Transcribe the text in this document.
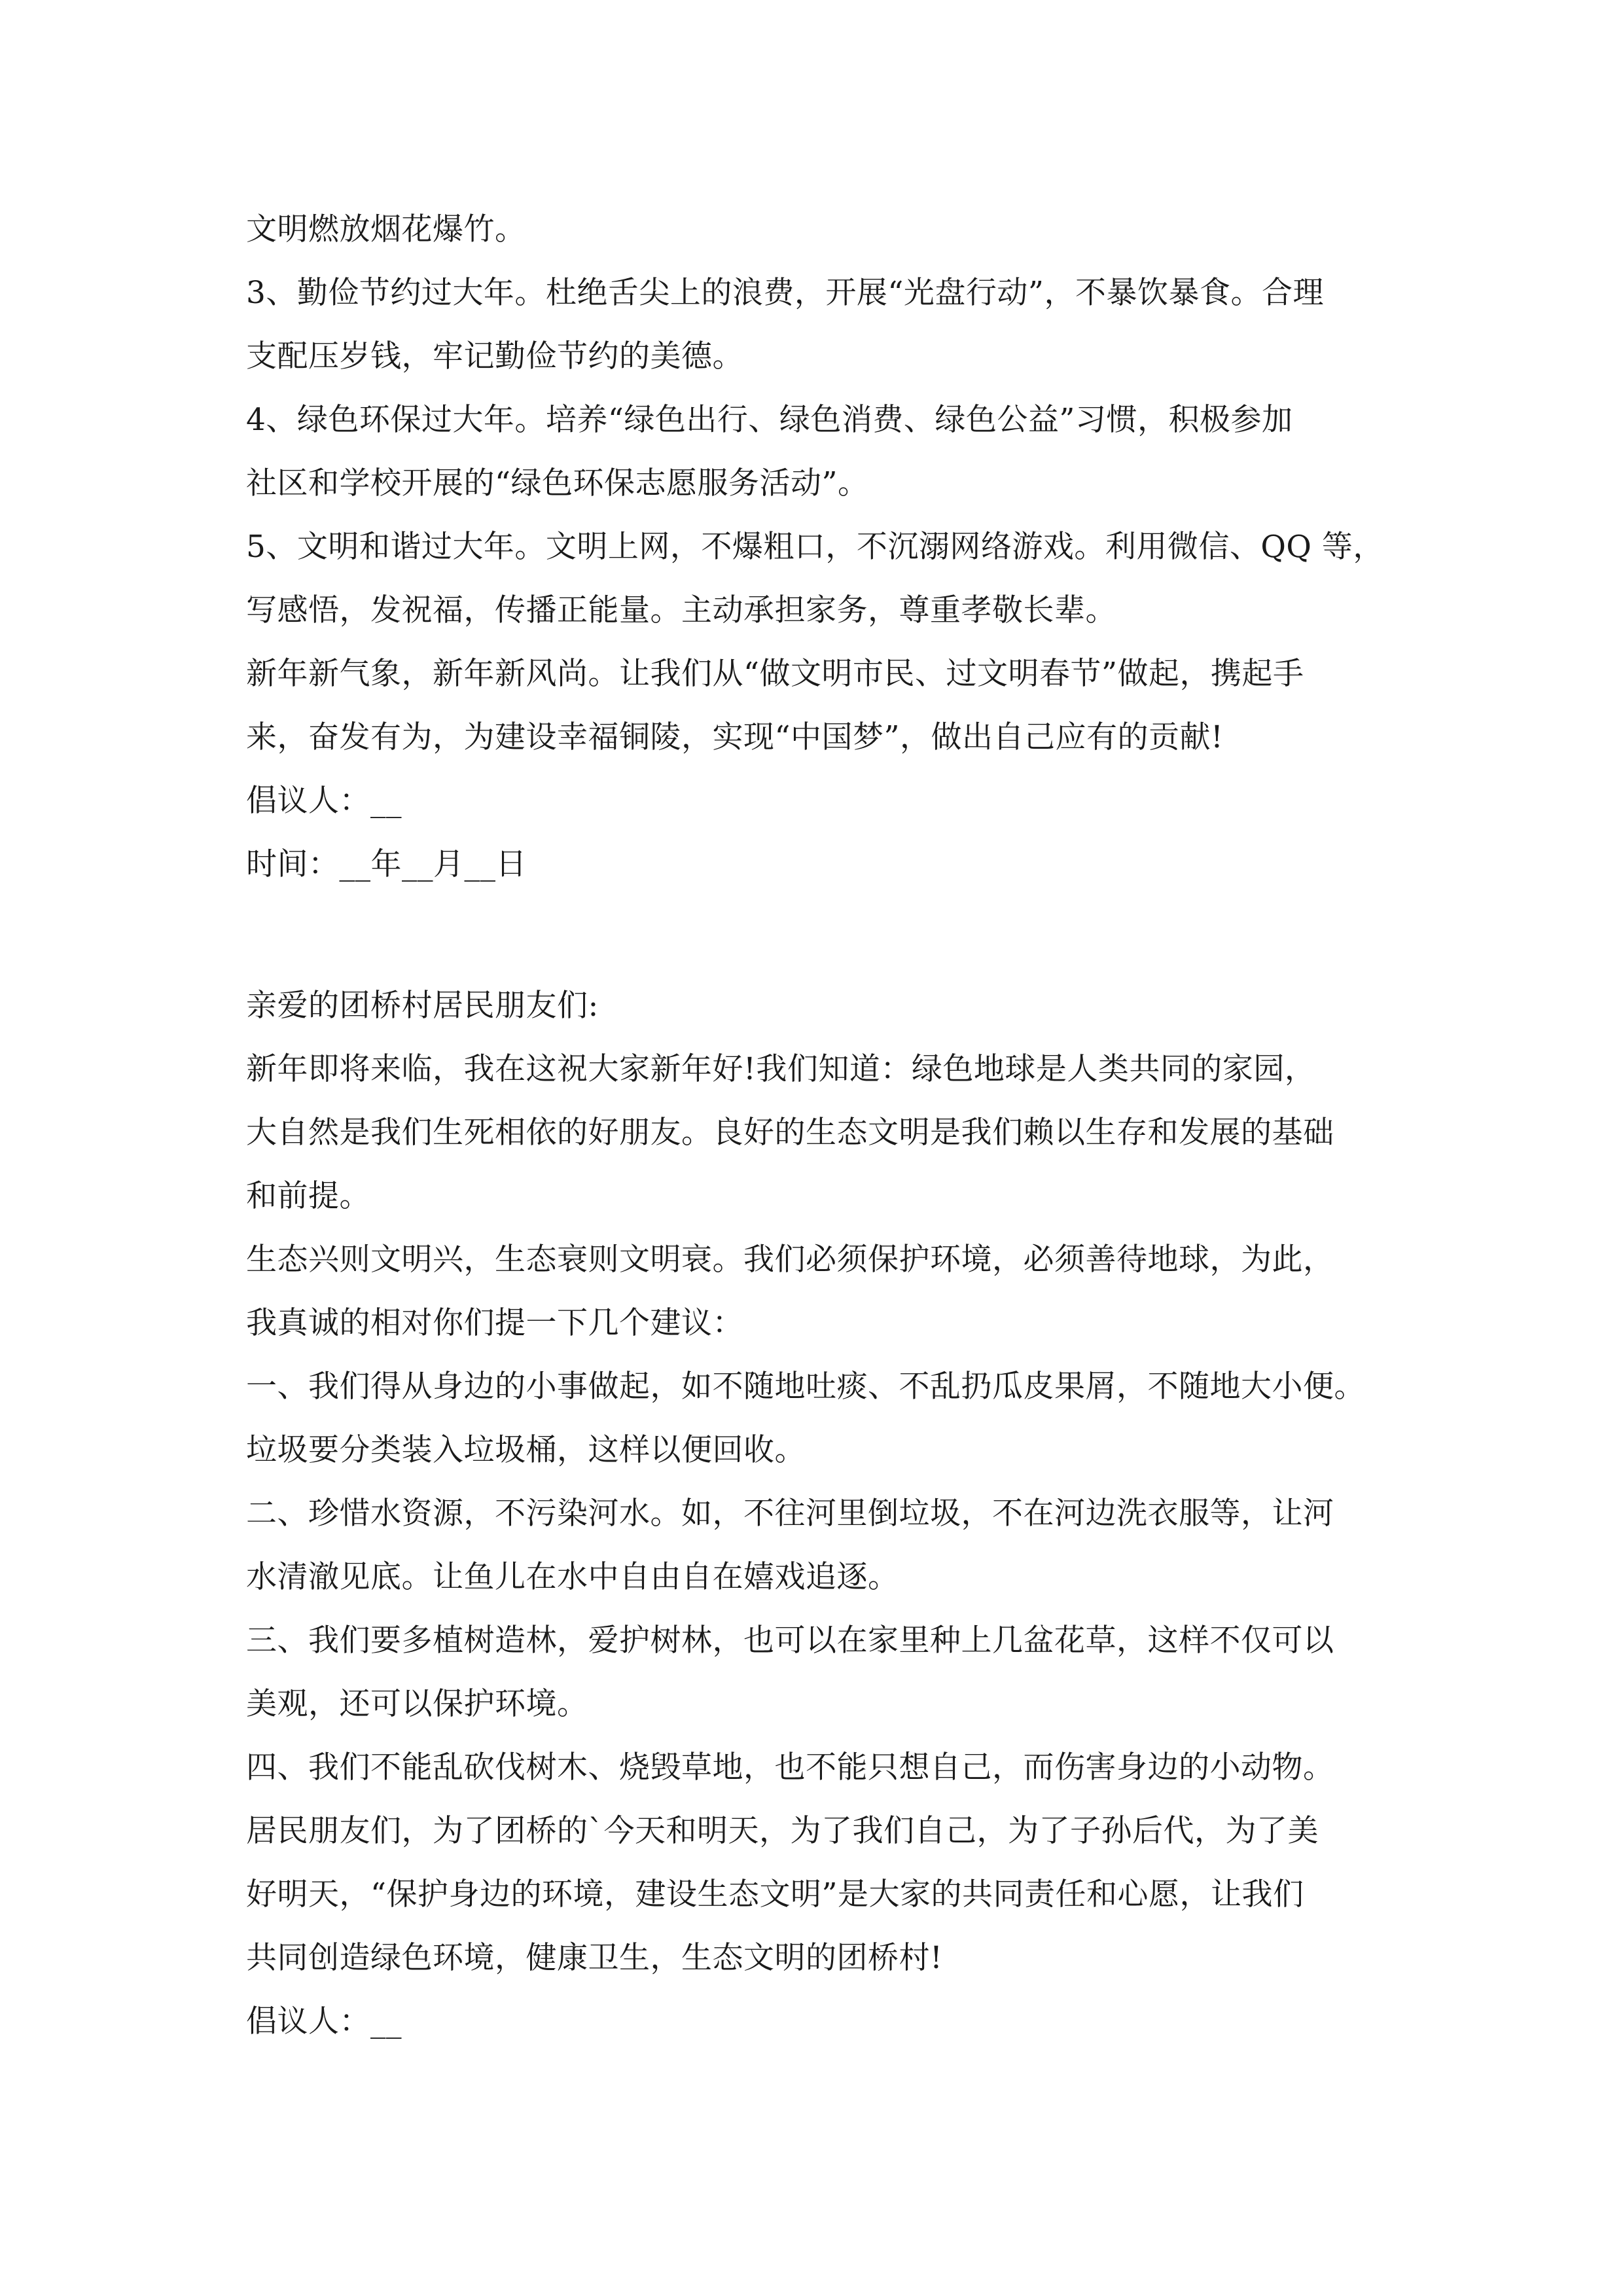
文明燃放烟花爆竹。
3、勤俭节约过大年。杜绝舌尖上的浪费，开展“光盘行动”，不暴饮暴食。合理
支配压岁钱，牢记勤俭节约的美德。
4、绿色环保过大年。培养“绿色出行、绿色消费、绿色公益”习惯，积极参加
社区和学校开展的“绿色环保志愿服务活动”。
5、文明和谐过大年。文明上网，不爆粗口，不沉溺网络游戏。利用微信、QQ 等，
写感悟，发祝福，传播正能量。主动承担家务，尊重孝敬长辈。
新年新气象，新年新风尚。让我们从“做文明市民、过文明春节”做起，携起手
来，奋发有为，为建设幸福铜陵，实现“中国梦”，做出自己应有的贡献!
倡议人：__
时间：__年__月__日
亲爱的团桥村居民朋友们:
新年即将来临，我在这祝大家新年好!我们知道：绿色地球是人类共同的家园，
大自然是我们生死相依的好朋友。良好的生态文明是我们赖以生存和发展的基础
和前提。
生态兴则文明兴，生态衰则文明衰。我们必须保护环境，必须善待地球，为此，
我真诚的相对你们提一下几个建议：
一、我们得从身边的小事做起，如不随地吐痰、不乱扔瓜皮果屑，不随地大小便。
垃圾要分类装入垃圾桶，这样以便回收。
二、珍惜水资源，不污染河水。如，不往河里倒垃圾，不在河边洗衣服等，让河
水清澈见底。让鱼儿在水中自由自在嬉戏追逐。
三、我们要多植树造林，爱护树林，也可以在家里种上几盆花草，这样不仅可以
美观，还可以保护环境。
四、我们不能乱砍伐树木、烧毁草地，也不能只想自己，而伤害身边的小动物。
居民朋友们，为了团桥的`今天和明天，为了我们自己，为了子孙后代，为了美
好明天，“保护身边的环境，建设生态文明”是大家的共同责任和心愿，让我们
共同创造绿色环境，健康卫生，生态文明的团桥村!
倡议人：__
